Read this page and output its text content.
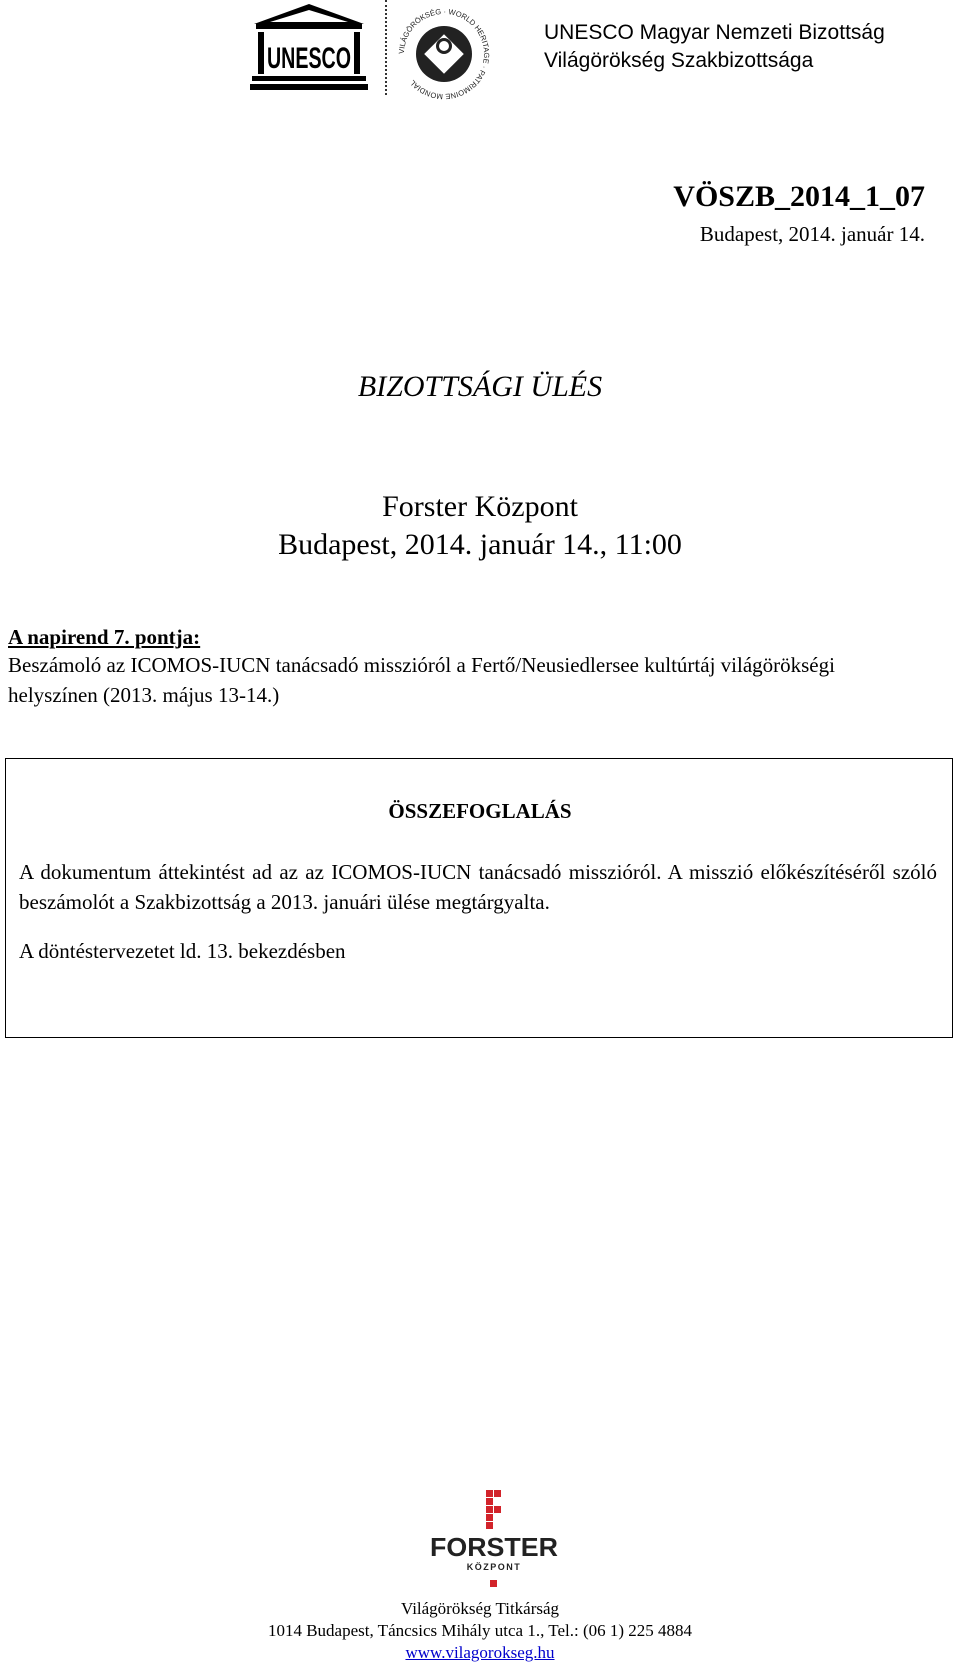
UNESCO	VILÁGÖRÖKSÉG · WORLD HERITAGE · PATRIMOINE MONDIAL
UNESCO Magyar Nemzeti Bizottság
Világörökség Szakbizottsága
VÖSZB_2014_1_07
Budapest, 2014. január 14.
BIZOTTSÁGI ÜLÉS
Forster Központ
Budapest, 2014. január 14., 11:00
A napirend 7. pontja:
Beszámoló az ICOMOS-IUCN tanácsadó misszióról a Fertő/Neusiedlersee kultúrtáj világörökségi helyszínen (2013. május 13-14.)
ÖSSZEFOGLALÁS
A dokumentum áttekintést ad az az ICOMOS-IUCN tanácsadó misszióról. A misszió előkészítéséről szóló beszámolót a Szakbizottság a 2013. januári ülése megtárgyalta.
A döntéstervezetet ld. 13. bekezdésben
FORSTER
KÖZPONT
Világörökség Titkárság
1014 Budapest, Táncsics Mihály utca 1., Tel.: (06 1) 225 4884
www.vilagorokseg.hu
